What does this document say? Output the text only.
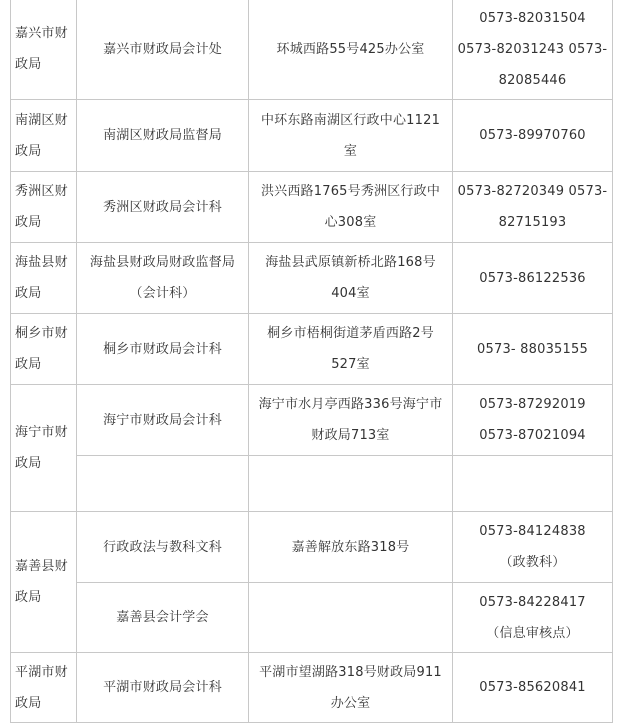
嘉兴市财
政局	嘉兴市财政局会计处	环城西路55号425办公室	0573-82031504
0573-82031243 0573-
82085446

南湖区财
政局	南湖区财政局监督局	中环东路南湖区行政中心1121
室	0573-89970760

秀洲区财
政局	秀洲区财政局会计科	洪兴西路1765号秀洲区行政中
心308室	0573-82720349 0573-
82715193

海盐县财
政局	海盐县财政局财政监督局
（会计科）	海盐县武原镇新桥北路168号
404室	0573-86122536

桐乡市财
政局	桐乡市财政局会计科	桐乡市梧桐街道茅盾西路2号
527室	0573- 88035155

海宁市财
政局	海宁市财政局会计科	海宁市水月亭西路336号海宁市
财政局713室	0573-87292019
0573-87021094

嘉善县财
政局	行政政法与教科文科	嘉善解放东路318号	0573-84124838
（政教科）

	嘉善县会计学会		0573-84228417
（信息审核点）

平湖市财
政局	平湖市财政局会计科	平湖市望湖路318号财政局911
办公室	0573-85620841
